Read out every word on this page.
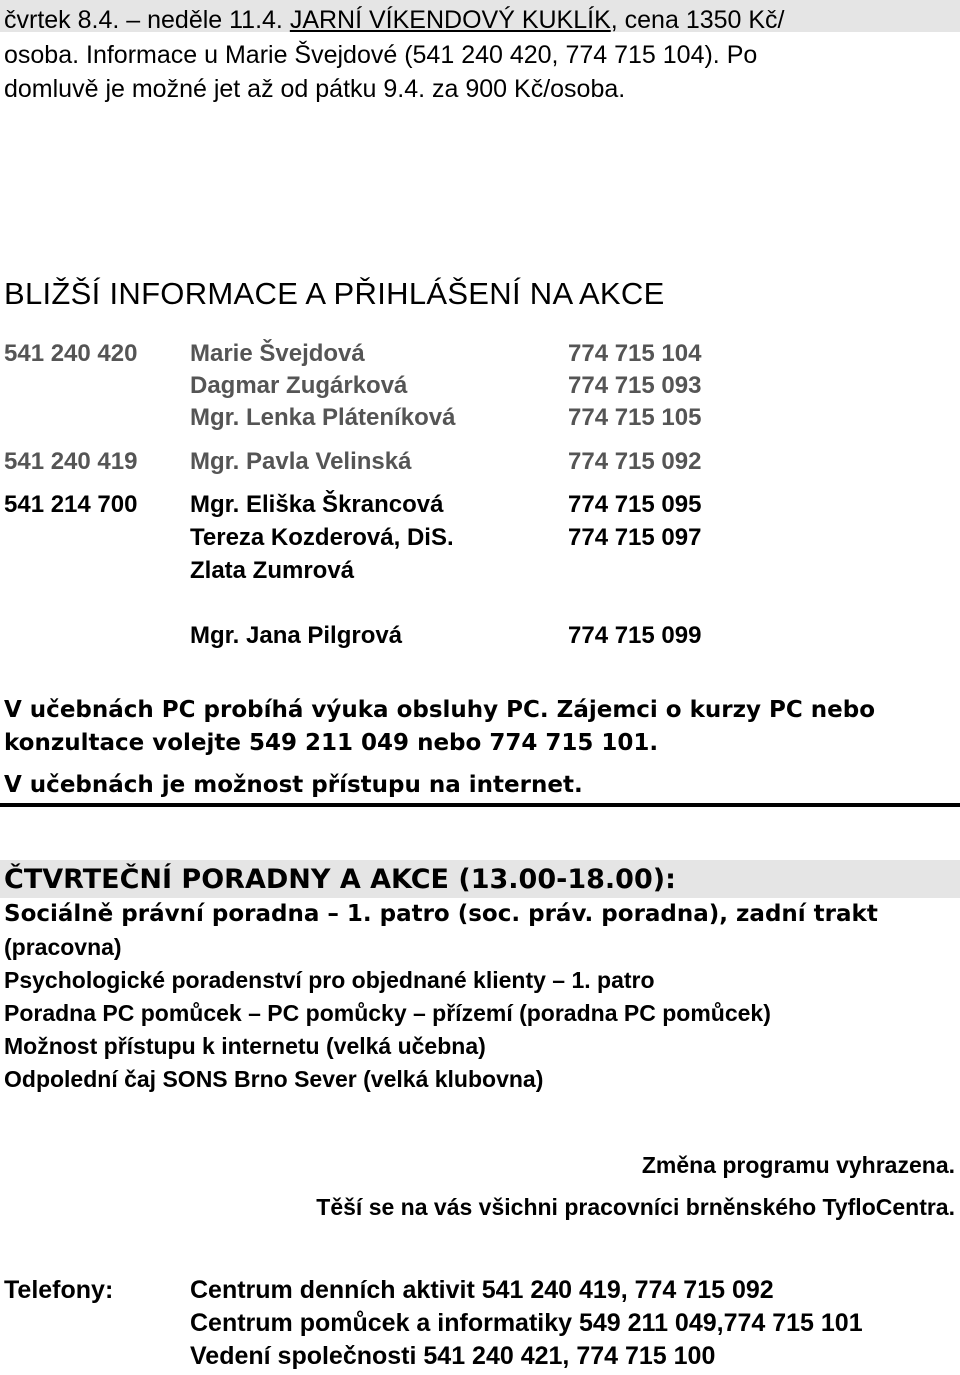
čvrtek 8.4. – neděle 11.4. JARNÍ VÍKENDOVÝ KUKLÍK, cena 1350 Kč/
osoba. Informace u Marie Švejdové (541 240 420, 774 715 104). Po
domluvě je možné jet až od pátku 9.4. za 900 Kč/osoba.
BLIŽŠÍ INFORMACE A PŘIHLÁŠENÍ NA AKCE
541 240 420 Marie Švejdová	774 715 104
Dagmar Zugárková	774 715 093
Mgr. Lenka Pláteníková	774 715 105
541 240 419 Mgr. Pavla Velinská	774 715 092
541 214 700 Mgr. Eliška Škrancová	774 715 095
Tereza Kozderová, DiS.	774 715 097
Zlata Zumrová
Mgr. Jana Pilgrová	774 715 099
V učebnách PC probíhá výuka obsluhy PC. Zájemci o kurzy PC nebo
konzultace volejte 549 211 049 nebo 774 715 101.
V učebnách je možnost přístupu na internet.
ČTVRTEČNÍ PORADNY A AKCE (13.00-18.00):
Sociálně právní poradna – 1. patro (soc. práv. poradna), zadní trakt
(pracovna)
Psychologické poradenství pro objednané klienty – 1. patro
Poradna PC pomůcek – PC pomůcky – přízemí (poradna PC pomůcek)
Možnost přístupu k internetu (velká učebna)
Odpolední čaj SONS Brno Sever (velká klubovna)
Změna programu vyhrazena.
Těší se na vás všichni pracovníci brněnského TyfloCentra.
Telefony:	Centrum denních aktivit 541 240 419, 774 715 092
Centrum pomůcek a informatiky 549 211 049,774 715 101
Vedení společnosti 541 240 421, 774 715 100
